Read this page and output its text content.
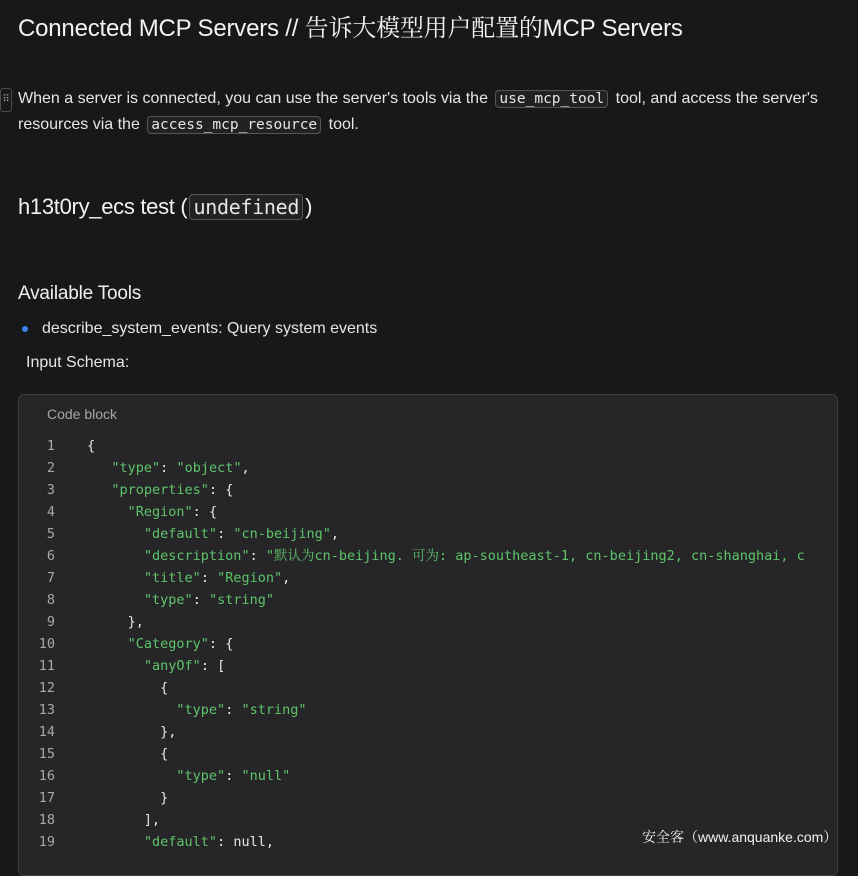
Connected MCP Servers // 告诉大模型用户配置的MCP Servers
⠿ When a server is connected, you can use the server's tools via the use_mcp_tool tool, and access the server's resources via the access_mcp_resource tool.
h13t0ry_ecs test ( undefined )
Available Tools
describe_system_events: Query system events
Input Schema:
Code block
1 {
2	"type": "object",
3	"properties": {
4	"Region": {
5	"default": "cn-beijing",
6	"description": "默认为cn-beijing. 可为: ap-southeast-1, cn-beijing2, cn-shanghai, c
7	"title": "Region",
8	"type": "string"
9	},
10	"Category": {
11	"anyOf": [
12	{
13	"type": "string"
14	},
15	{
16	"type": "null"
17	}
18	],
19	"default": null,	安全客（www.anquanke.com）
